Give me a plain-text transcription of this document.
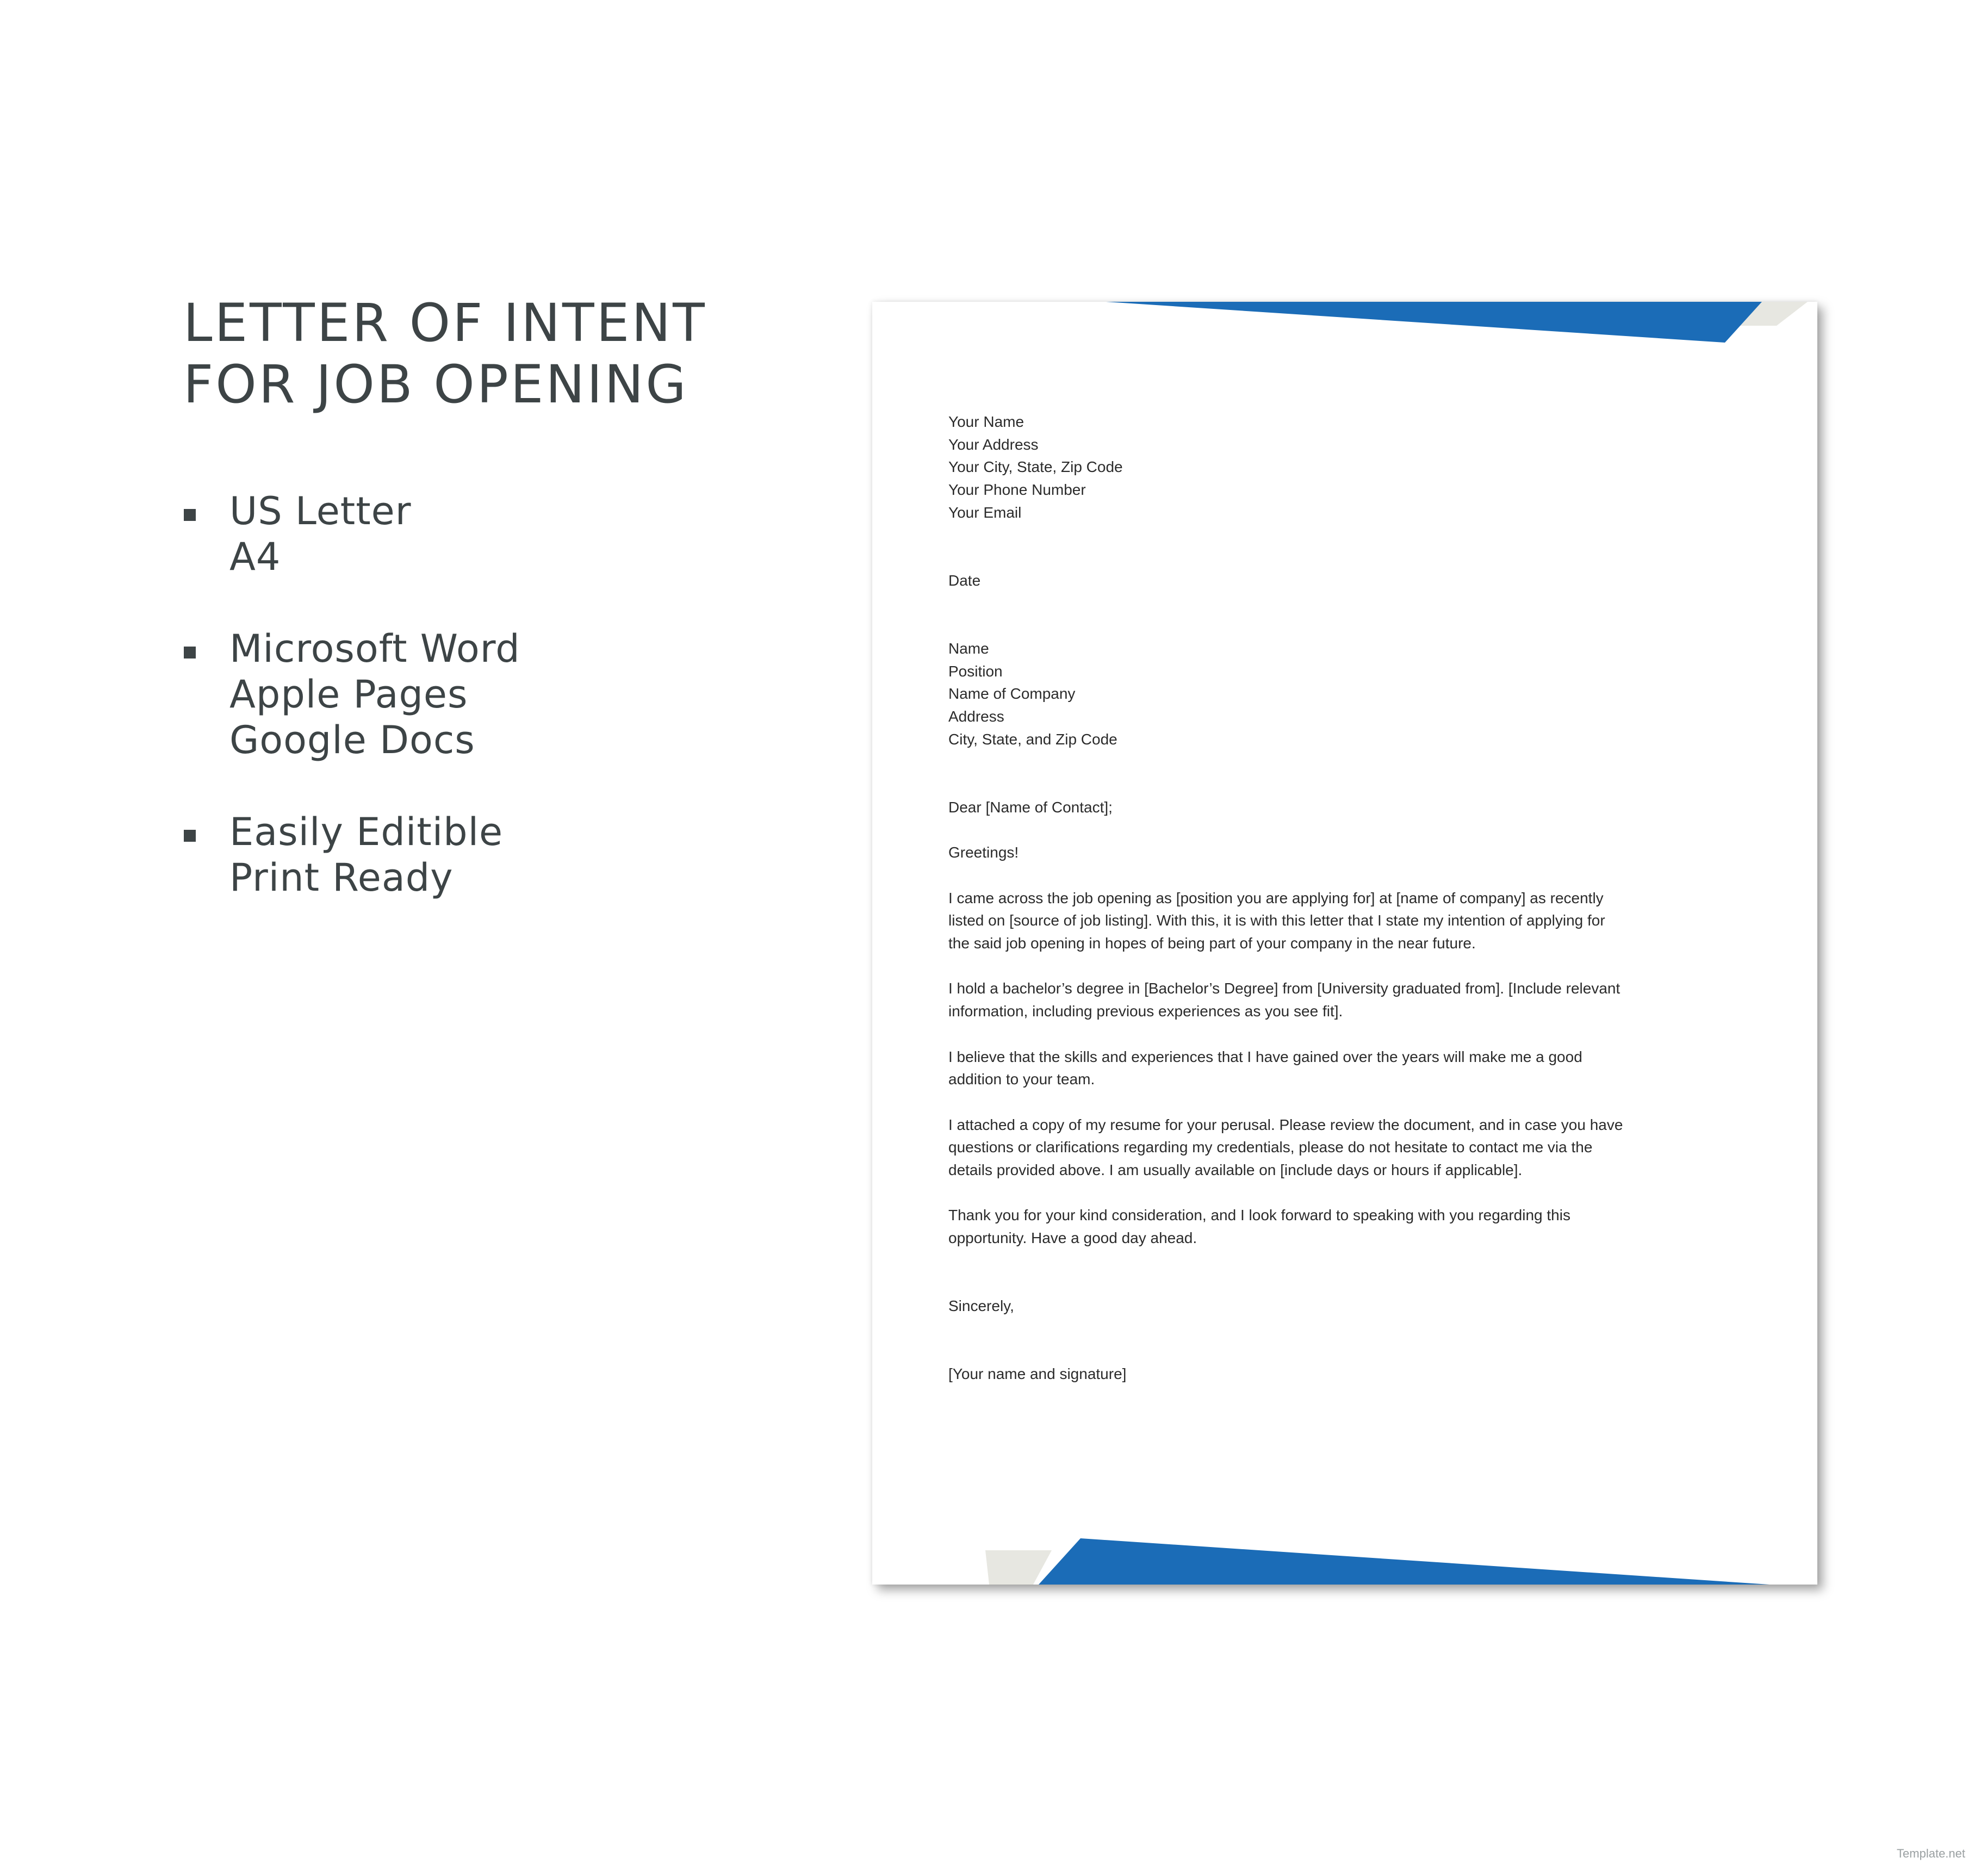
LETTER OF INTENT
FOR JOB OPENING
US Letter
A4
Microsoft Word
Apple Pages
Google Docs
Easily Editible
Print Ready
Your Name
Your Address
Your City, State, Zip Code
Your Phone Number
Your Email
Date
Name
Position
Name of Company
Address
City, State, and Zip Code
Dear [Name of Contact];
Greetings!
I came across the job opening as [position you are applying for] at [name of company] as recently
listed on [source of job listing]. With this, it is with this letter that I state my intention of applying for
the said job opening in hopes of being part of your company in the near future.
I hold a bachelor’s degree in [Bachelor’s Degree] from [University graduated from]. [Include relevant
information, including previous experiences as you see fit].
I believe that the skills and experiences that I have gained over the years will make me a good
addition to your team.
I attached a copy of my resume for your perusal. Please review the document, and in case you have
questions or clarifications regarding my credentials, please do not hesitate to contact me via the
details provided above. I am usually available on [include days or hours if applicable].
Thank you for your kind consideration, and I look forward to speaking with you regarding this
opportunity. Have a good day ahead.
Sincerely,
[Your name and signature]
Template.net
